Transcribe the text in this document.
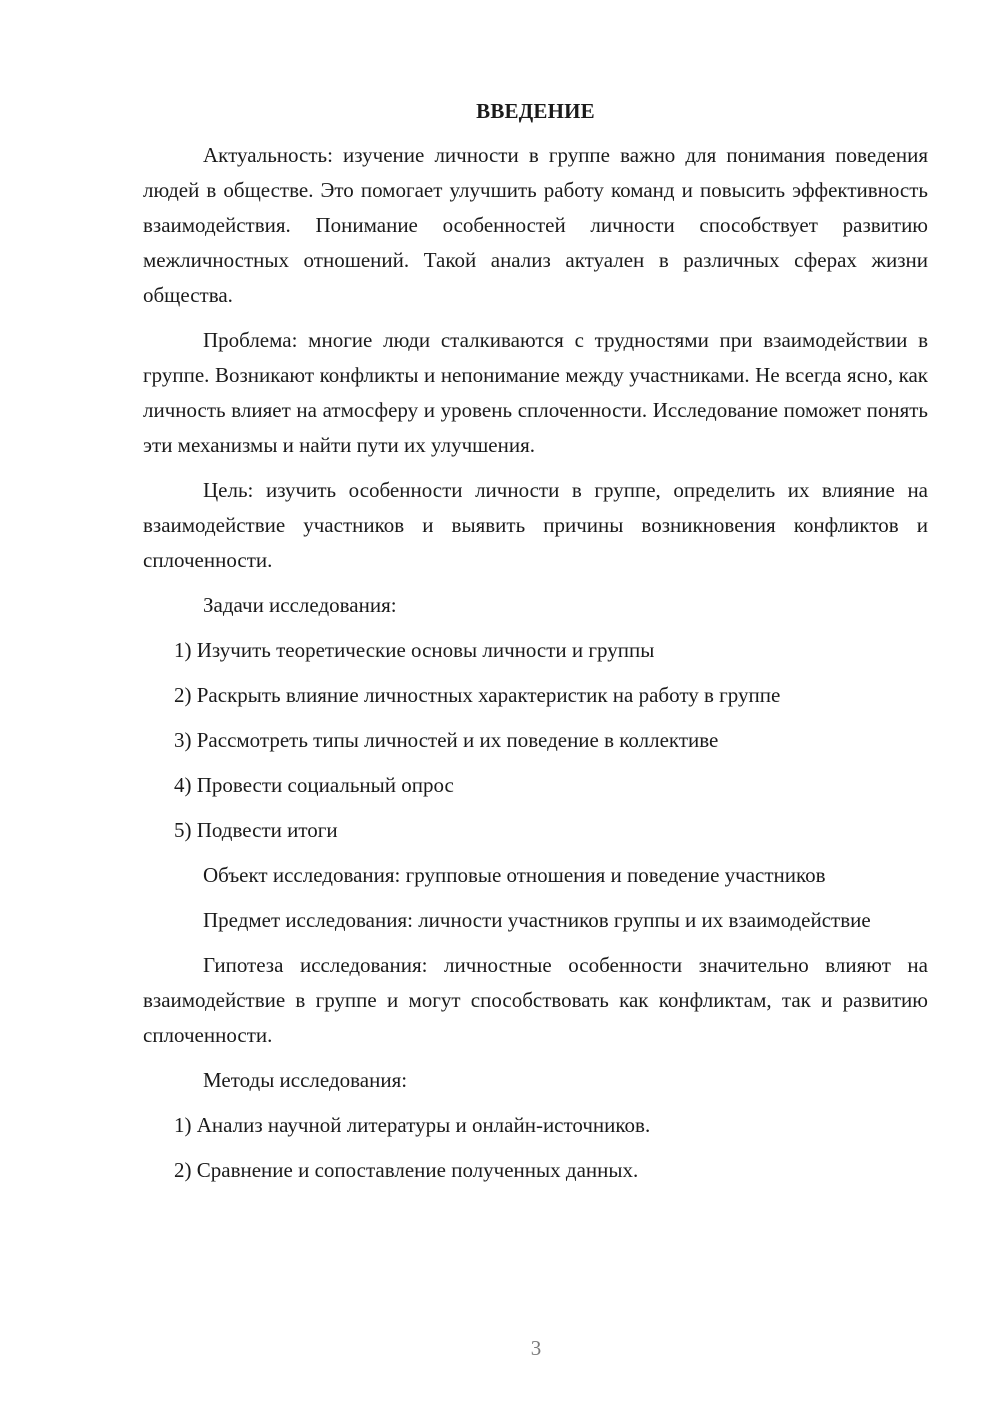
ВВЕДЕНИЕ

Актуальность: изучение личности в группе важно для понимания поведения людей в обществе. Это помогает улучшить работу команд и повысить эффективность взаимодействия. Понимание особенностей личности способствует развитию межличностных отношений. Такой анализ актуален в различных сферах жизни общества.

Проблема: многие люди сталкиваются с трудностями при взаимодействии в группе. Возникают конфликты и непонимание между участниками. Не всегда ясно, как личность влияет на атмосферу и уровень сплоченности. Исследование поможет понять эти механизмы и найти пути их улучшения.

Цель: изучить особенности личности в группе, определить их влияние на взаимодействие участников и выявить причины возникновения конфликтов и сплоченности.

Задачи исследования:

1) Изучить теоретические основы личности и группы
2) Раскрыть влияние личностных характеристик на работу в группе
3) Рассмотреть типы личностей и их поведение в коллективе
4) Провести социальный опрос
5) Подвести итоги

Объект исследования: групповые отношения и поведение участников

Предмет исследования: личности участников группы и их взаимодействие

Гипотеза исследования: личностные особенности значительно влияют на взаимодействие в группе и могут способствовать как конфликтам, так и развитию сплоченности.

Методы исследования:

1) Анализ научной литературы и онлайн-источников.
2) Сравнение и сопоставление полученных данных.
3
